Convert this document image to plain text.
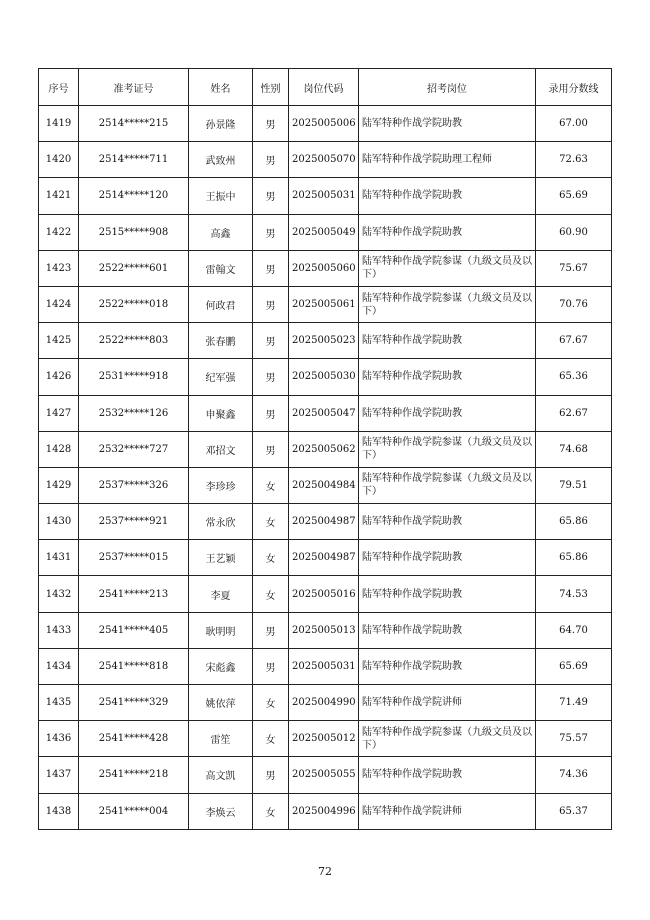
序号	准考证号	姓名	性别	岗位代码	招考岗位	录用分数线
1419	2514*****215	孙景隆	男	2025005006	陆军特种作战学院助教	67.00
1420	2514*****711	武致州	男	2025005070	陆军特种作战学院助理工程师	72.63
1421	2514*****120	王振中	男	2025005031	陆军特种作战学院助教	65.69
1422	2515*****908	高鑫	男	2025005049	陆军特种作战学院助教	60.90
1423	2522*****601	雷翰文	男	2025005060	陆军特种作战学院参谋（九级文员及以下）	75.67
1424	2522*****018	何政君	男	2025005061	陆军特种作战学院参谋（九级文员及以下）	70.76
1425	2522*****803	张春鹏	男	2025005023	陆军特种作战学院助教	67.67
1426	2531*****918	纪军强	男	2025005030	陆军特种作战学院助教	65.36
1427	2532*****126	申聚鑫	男	2025005047	陆军特种作战学院助教	62.67
1428	2532*****727	邓招文	男	2025005062	陆军特种作战学院参谋（九级文员及以下）	74.68
1429	2537*****326	李珍珍	女	2025004984	陆军特种作战学院参谋（九级文员及以下）	79.51
1430	2537*****921	常永欣	女	2025004987	陆军特种作战学院助教	65.86
1431	2537*****015	王艺颖	女	2025004987	陆军特种作战学院助教	65.86
1432	2541*****213	李夏	女	2025005016	陆军特种作战学院助教	74.53
1433	2541*****405	耿明明	男	2025005013	陆军特种作战学院助教	64.70
1434	2541*****818	宋彪鑫	男	2025005031	陆军特种作战学院助教	65.69
1435	2541*****329	姚依萍	女	2025004990	陆军特种作战学院讲师	71.49
1436	2541*****428	雷笙	女	2025005012	陆军特种作战学院参谋（九级文员及以下）	75.57
1437	2541*****218	高文凯	男	2025005055	陆军特种作战学院助教	74.36
1438	2541*****004	李焕云	女	2025004996	陆军特种作战学院讲师	65.37
72
